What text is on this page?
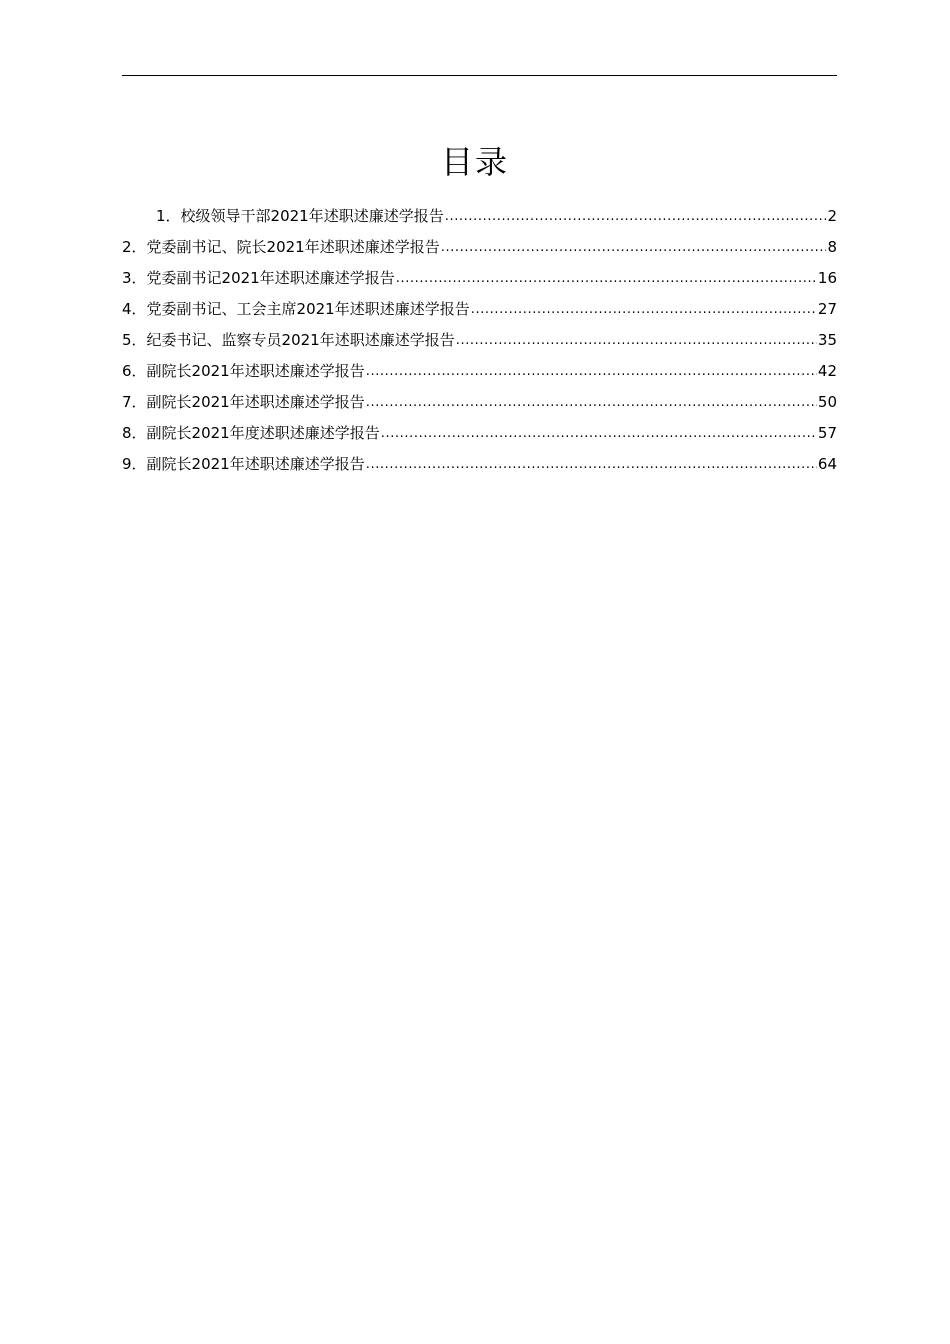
目录
1． 校级领导干部2021年述职述廉述学报告 .....	2
2． 党委副书记、院长2021年述职述廉述学报告 .....	8
3． 党委副书记2021年述职述廉述学报告 .....	16
4． 党委副书记、工会主席2021年述职述廉述学报告 .....	27
5． 纪委书记、监察专员2021年述职述廉述学报告 .....	35
6． 副院长2021年述职述廉述学报告 .....	42
7． 副院长2021年述职述廉述学报告 .....	50
8． 副院长2021年度述职述廉述学报告 .....	57
9． 副院长2021年述职述廉述学报告 .....	64
